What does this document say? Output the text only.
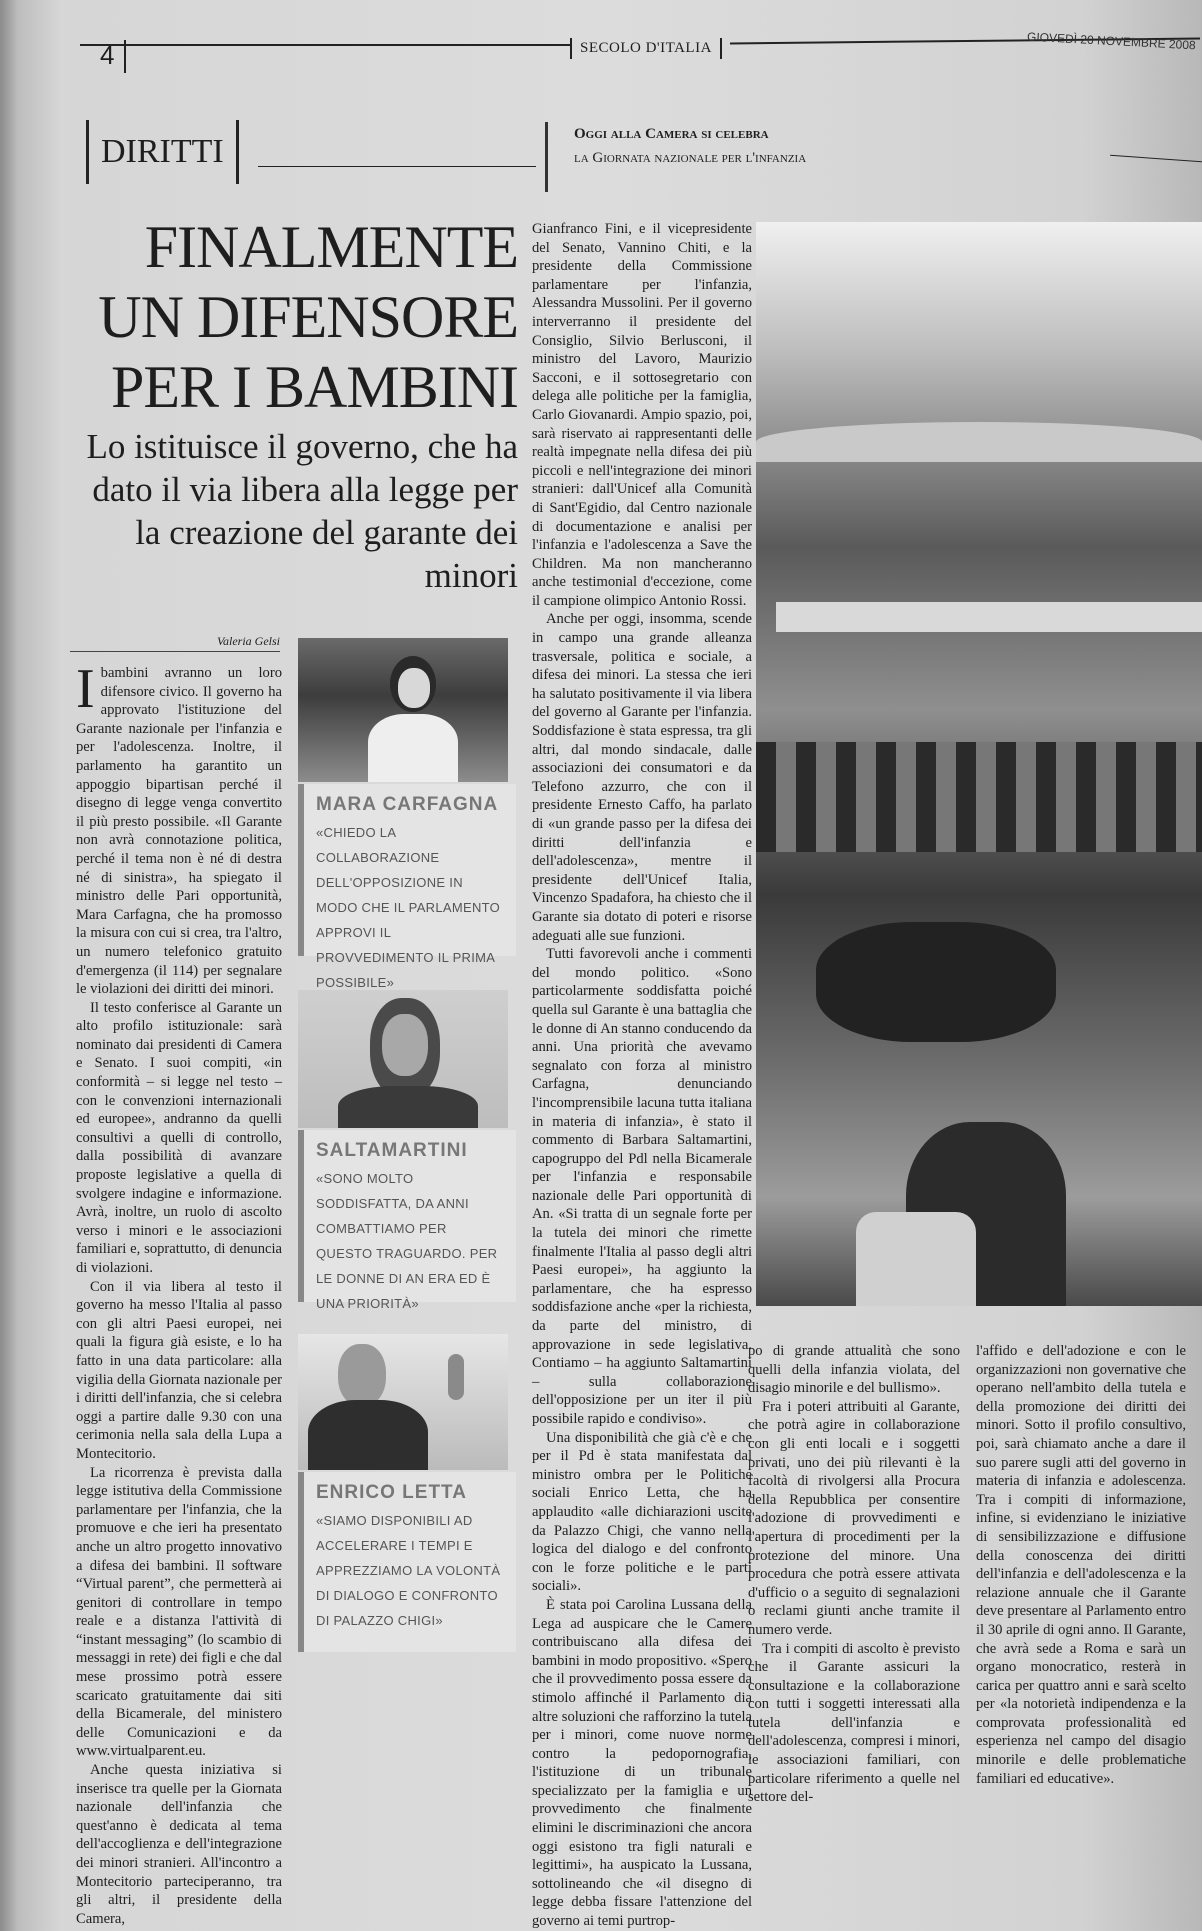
4	SECOLO D'ITALIA	GIOVEDÌ 20 NOVEMBRE 2008
DIRITTI	Oggi alla Camera si celebra
la Giornata nazionale per l'infanzia
FINALMENTE
UN DIFENSORE
PER I BAMBINI
Lo istituisce il governo, che ha dato il via libera alla legge per la creazione del garante dei minori
Valeria Gelsi

Ibambini avranno un loro difensore civico. Il governo ha approvato l'istituzione del Garante nazionale per l'infanzia e per l'adolescenza. Inoltre, il parlamento ha garantito un appoggio bipartisan perché il disegno di legge venga convertito il più presto possibile. «Il Garante non avrà connotazione politica, perché il tema non è né di destra né di sinistra», ha spiegato il ministro delle Pari opportunità, Mara Carfagna, che ha promosso la misura con cui si crea, tra l'altro, un numero telefonico gratuito d'emergenza (il 114) per segnalare le violazioni dei diritti dei minori.

Il testo conferisce al Garante un alto profilo istituzionale: sarà nominato dai presidenti di Camera e Senato. I suoi compiti, «in conformità – si legge nel testo – con le convenzioni internazionali ed europee», andranno da quelli consultivi a quelli di controllo, dalla possibilità di avanzare proposte legislative a quella di svolgere indagine e informazione. Avrà, inoltre, un ruolo di ascolto verso i minori e le associazioni familiari e, soprattutto, di denuncia di violazioni.

Con il via libera al testo il governo ha messo l'Italia al passo con gli altri Paesi europei, nei quali la figura già esiste, e lo ha fatto in una data particolare: alla vigilia della Giornata nazionale per i diritti dell'infanzia, che si celebra oggi a partire dalle 9.30 con una cerimonia nella sala della Lupa a Montecitorio.

La ricorrenza è prevista dalla legge istitutiva della Commissione parlamentare per l'infanzia, che la promuove e che ieri ha presentato anche un altro progetto innovativo a difesa dei bambini. Il software “Virtual parent”, che permetterà ai genitori di controllare in tempo reale e a distanza l'attività di “instant messaging” (lo scambio di messaggi in rete) dei figli e che dal mese prossimo potrà essere scaricato gratuitamente dai siti della Bicamerale, del ministero delle Comunicazioni e da www.virtualparent.eu.

Anche questa iniziativa si inserisce tra quelle per la Giornata nazionale dell'infanzia che quest'anno è dedicata al tema dell'accoglienza e dell'integrazione dei minori stranieri. All'incontro a Montecitorio parteciperanno, tra gli altri, il presidente della Camera,

MARA CARFAGNA
«CHIEDO LA COLLABORAZIONE DELL'OPPOSIZIONE IN MODO CHE IL PARLAMENTO APPROVI IL PROVVEDIMENTO IL PRIMA POSSIBILE»
SALTAMARTINI
«SONO MOLTO SODDISFATTA, DA ANNI COMBATTIAMO PER QUESTO TRAGUARDO. PER LE DONNE DI AN ERA ED È UNA PRIORITÀ»
ENRICO LETTA
«SIAMO DISPONIBILI AD ACCELERARE I TEMPI E APPREZZIAMO LA VOLONTÀ DI DIALOGO E CONFRONTO DI PALAZZO CHIGI»

Gianfranco Fini, e il vicepresidente del Senato, Vannino Chiti, e la presidente della Commissione parlamentare per l'infanzia, Alessandra Mussolini. Per il governo interverranno il presidente del Consiglio, Silvio Berlusconi, il ministro del Lavoro, Maurizio Sacconi, e il sottosegretario con delega alle politiche per la famiglia, Carlo Giovanardi. Ampio spazio, poi, sarà riservato ai rappresentanti delle realtà impegnate nella difesa dei più piccoli e nell'integrazione dei minori stranieri: dall'Unicef alla Comunità di Sant'Egidio, dal Centro nazionale di documentazione e analisi per l'infanzia e l'adolescenza a Save the Children. Ma non mancheranno anche testimonial d'eccezione, come il campione olimpico Antonio Rossi.

Anche per oggi, insomma, scende in campo una grande alleanza trasversale, politica e sociale, a difesa dei minori. La stessa che ieri ha salutato positivamente il via libera del governo al Garante per l'infanzia. Soddisfazione è stata espressa, tra gli altri, dal mondo sindacale, dalle associazioni dei consumatori e da Telefono azzurro, che con il presidente Ernesto Caffo, ha parlato di «un grande passo per la difesa dei diritti dell'infanzia e dell'adolescenza», mentre il presidente dell'Unicef Italia, Vincenzo Spadafora, ha chiesto che il Garante sia dotato di poteri e risorse adeguati alle sue funzioni.

Tutti favorevoli anche i commenti del mondo politico. «Sono particolarmente soddisfatta poiché quella sul Garante è una battaglia che le donne di An stanno conducendo da anni. Una priorità che avevamo segnalato con forza al ministro Carfagna, denunciando l'incomprensibile lacuna tutta italiana in materia di infanzia», è stato il commento di Barbara Saltamartini, capogruppo del Pdl nella Bicamerale per l'infanzia e responsabile nazionale delle Pari opportunità di An. «Si tratta di un segnale forte per la tutela dei minori che rimette finalmente l'Italia al passo degli altri Paesi europei», ha aggiunto la parlamentare, che ha espresso soddisfazione anche «per la richiesta, da parte del ministro, di approvazione in sede legislativa. Contiamo – ha aggiunto Saltamartini – sulla collaborazione dell'opposizione per un iter il più possibile rapido e condiviso».

Una disponibilità che già c'è e che per il Pd è stata manifestata dal ministro ombra per le Politiche sociali Enrico Letta, che ha applaudito «alle dichiarazioni uscite da Palazzo Chigi, che vanno nella logica del dialogo e del confronto con le forze politiche e le parti sociali».

È stata poi Carolina Lussana della Lega ad auspicare che le Camere contribuiscano alla difesa dei bambini in modo propositivo. «Spero che il provvedimento possa essere da stimolo affinché il Parlamento dia altre soluzioni che rafforzino la tutela per i minori, come nuove norme contro la pedopornografia, l'istituzione di un tribunale specializzato per la famiglia e un provvedimento che finalmente elimini le discriminazioni che ancora oggi esistono tra figli naturali e legittimi», ha auspicato la Lussana, sottolineando che «il disegno di legge debba fissare l'attenzione del governo ai temi purtrop-

po di grande attualità che sono quelli della infanzia violata, del disagio minorile e del bullismo».

Fra i poteri attribuiti al Garante, che potrà agire in collaborazione con gli enti locali e i soggetti privati, uno dei più rilevanti è la facoltà di rivolgersi alla Procura della Repubblica per consentire l'adozione di provvedimenti e l'apertura di procedimenti per la protezione del minore. Una procedura che potrà essere attivata d'ufficio o a seguito di segnalazioni o reclami giunti anche tramite il numero verde.

Tra i compiti di ascolto è previsto che il Garante assicuri la consultazione e la collaborazione con tutti i soggetti interessati alla tutela dell'infanzia e dell'adolescenza, compresi i minori, le associazioni familiari, con particolare riferimento a quelle nel settore del-

l'affido e dell'adozione e con le organizzazioni non governative che operano nell'ambito della tutela e della promozione dei diritti dei minori. Sotto il profilo consultivo, poi, sarà chiamato anche a dare il suo parere sugli atti del governo in materia di infanzia e adolescenza. Tra i compiti di informazione, infine, si evidenziano le iniziative di sensibilizzazione e diffusione della conoscenza dei diritti dell'infanzia e dell'adolescenza e la relazione annuale che il Garante deve presentare al Parlamento entro il 30 aprile di ogni anno. Il Garante, che avrà sede a Roma e sarà un organo monocratico, resterà in carica per quattro anni e sarà scelto per «la notorietà indipendenza e la comprovata professionalità ed esperienza nel campo del disagio minorile e delle problematiche familiari ed educative».
